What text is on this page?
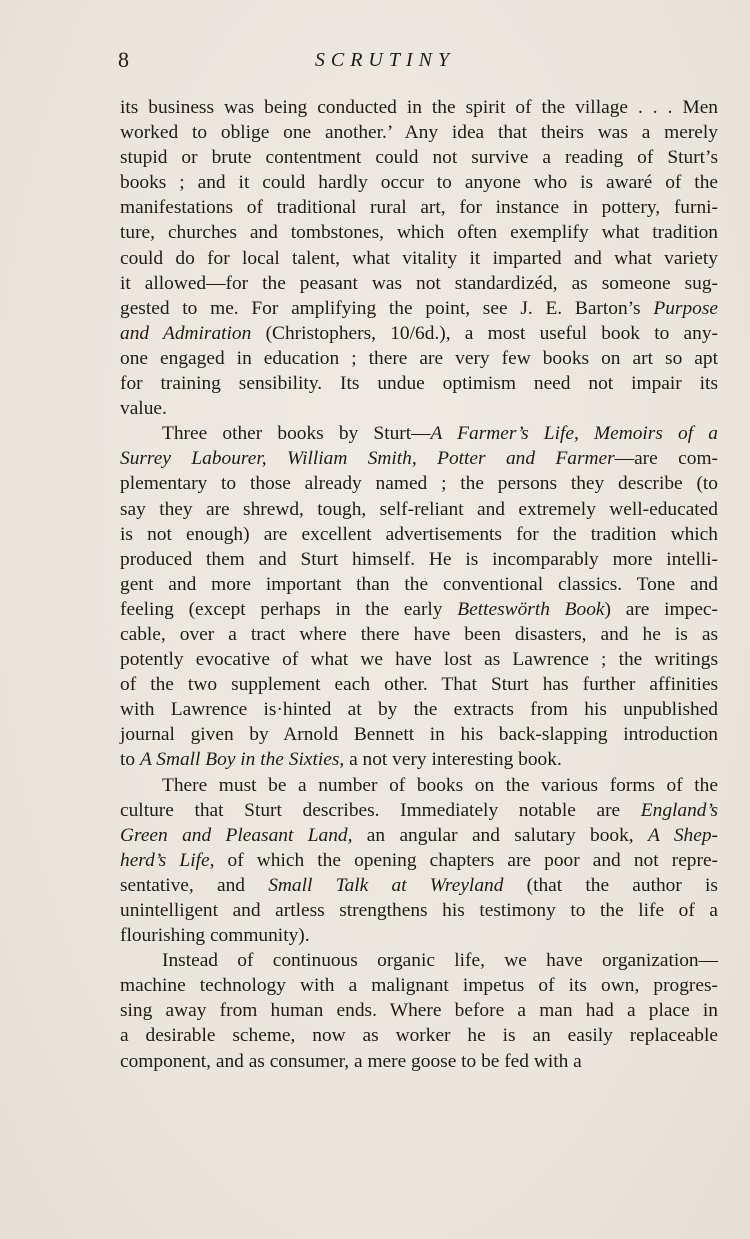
8	SCRUTINY

its business was being conducted in the spirit of the village . . . Men
worked to oblige one another.’ Any idea that theirs was a merely
stupid or brute contentment could not survive a reading of Sturt’s
books ; and it could hardly occur to anyone who is awaré of the
manifestations of traditional rural art, for instance in pottery, furni-
ture, churches and tombstones, which often exemplify what tradition
could do for local talent, what vitality it imparted and what variety
it allowed—for the peasant was not standardizéd, as someone sug-
gested to me. For amplifying the point, see J. E. Barton’s Purpose
and Admiration (Christophers, 10/6d.), a most useful book to any-
one engaged in education ; there are very few books on art so apt
for training sensibility. Its undue optimism need not impair its
value.

Three other books by Sturt—A Farmer’s Life, Memoirs of a
Surrey Labourer, William Smith, Potter and Farmer—are com-
plementary to those already named ; the persons they describe (to
say they are shrewd, tough, self-reliant and extremely well-educated
is not enough) are excellent advertisements for the tradition which
produced them and Sturt himself. He is incomparably more intelli-
gent and more important than the conventional classics. Tone and
feeling (except perhaps in the early Betteswörth Book) are impec-
cable, over a tract where there have been disasters, and he is as
potently evocative of what we have lost as Lawrence ; the writings
of the two supplement each other. That Sturt has further affinities
with Lawrence is·hinted at by the extracts from his unpublished
journal given by Arnold Bennett in his back-slapping introduction
to A Small Boy in the Sixties, a not very interesting book.

There must be a number of books on the various forms of the
culture that Sturt describes. Immediately notable are England’s
Green and Pleasant Land, an angular and salutary book, A Shep-
herd’s Life, of which the opening chapters are poor and not repre-
sentative, and Small Talk at Wreyland (that the author is
unintelligent and artless strengthens his testimony to the life of a
flourishing community).

Instead of continuous organic life, we have organization—
machine technology with a malignant impetus of its own, progres-
sing away from human ends. Where before a man had a place in
a desirable scheme, now as worker he is an easily replaceable
component, and as consumer, a mere goose to be fed with a
